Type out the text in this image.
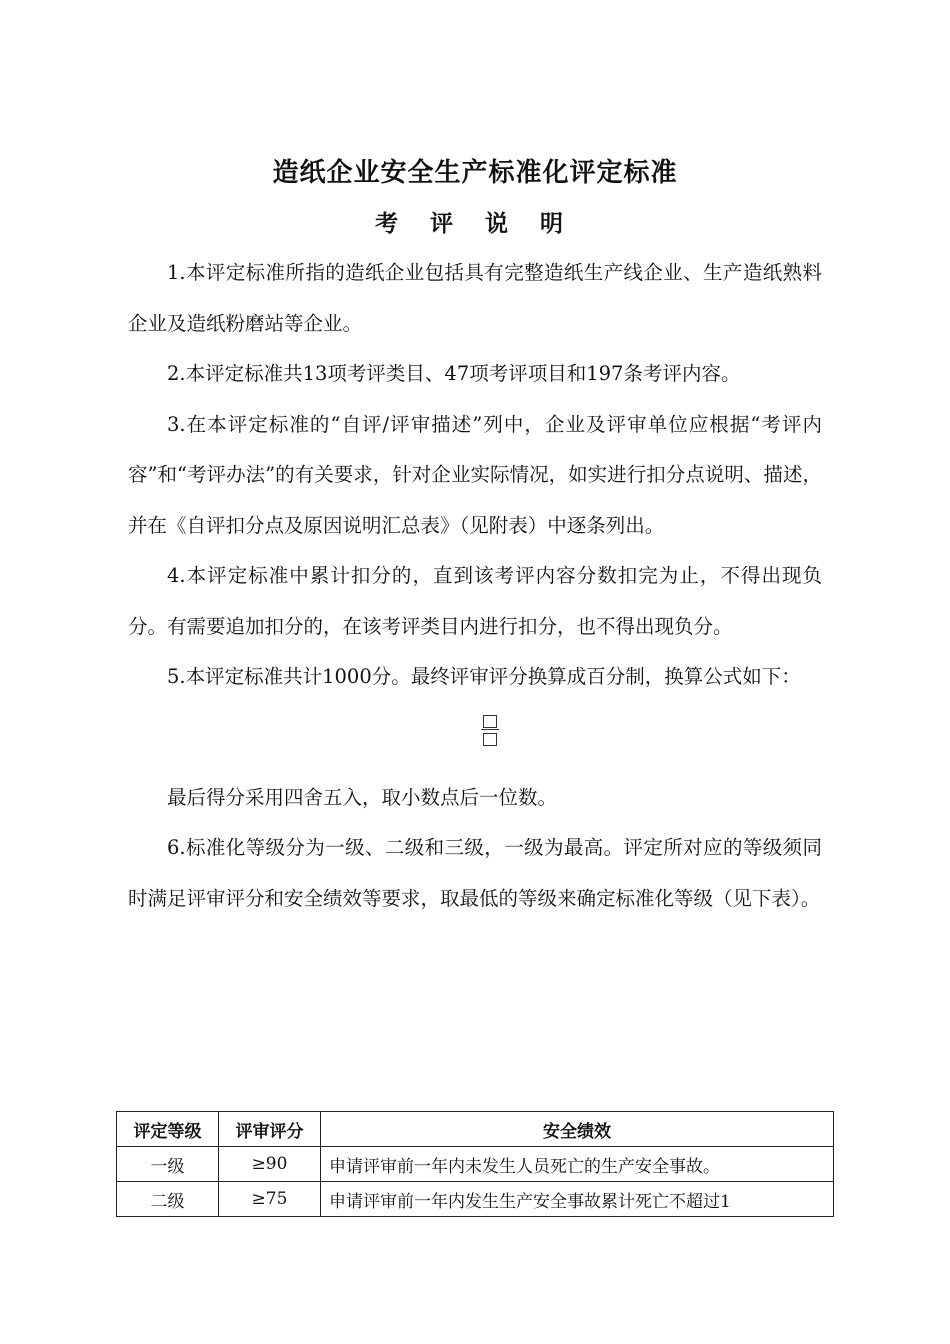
造纸企业安全生产标准化评定标准
考 评 说 明

1.本评定标准所指的造纸企业包括具有完整造纸生产线企业、生产造纸熟料企业及造纸粉磨站等企业。

2.本评定标准共13项考评类目、47项考评项目和197条考评内容。

3.在本评定标准的“自评/评审描述”列中，企业及评审单位应根据“考评内容”和“考评办法”的有关要求，针对企业实际情况，如实进行扣分点说明、描述，并在《自评扣分点及原因说明汇总表》（见附表）中逐条列出。

4.本评定标准中累计扣分的，直到该考评内容分数扣完为止，不得出现负分。有需要追加扣分的，在该考评类目内进行扣分，也不得出现负分。

5.本评定标准共计1000分。最终评审评分换算成百分制，换算公式如下：

最后得分采用四舍五入，取小数点后一位数。

6.标准化等级分为一级、二级和三级，一级为最高。评定所对应的等级须同时满足评审评分和安全绩效等要求，取最低的等级来确定标准化等级（见下表）。

评定等级	评审评分	安全绩效
一级	≥90	申请评审前一年内未发生人员死亡的生产安全事故。
二级	≥75	申请评审前一年内发生生产安全事故累计死亡不超过1
